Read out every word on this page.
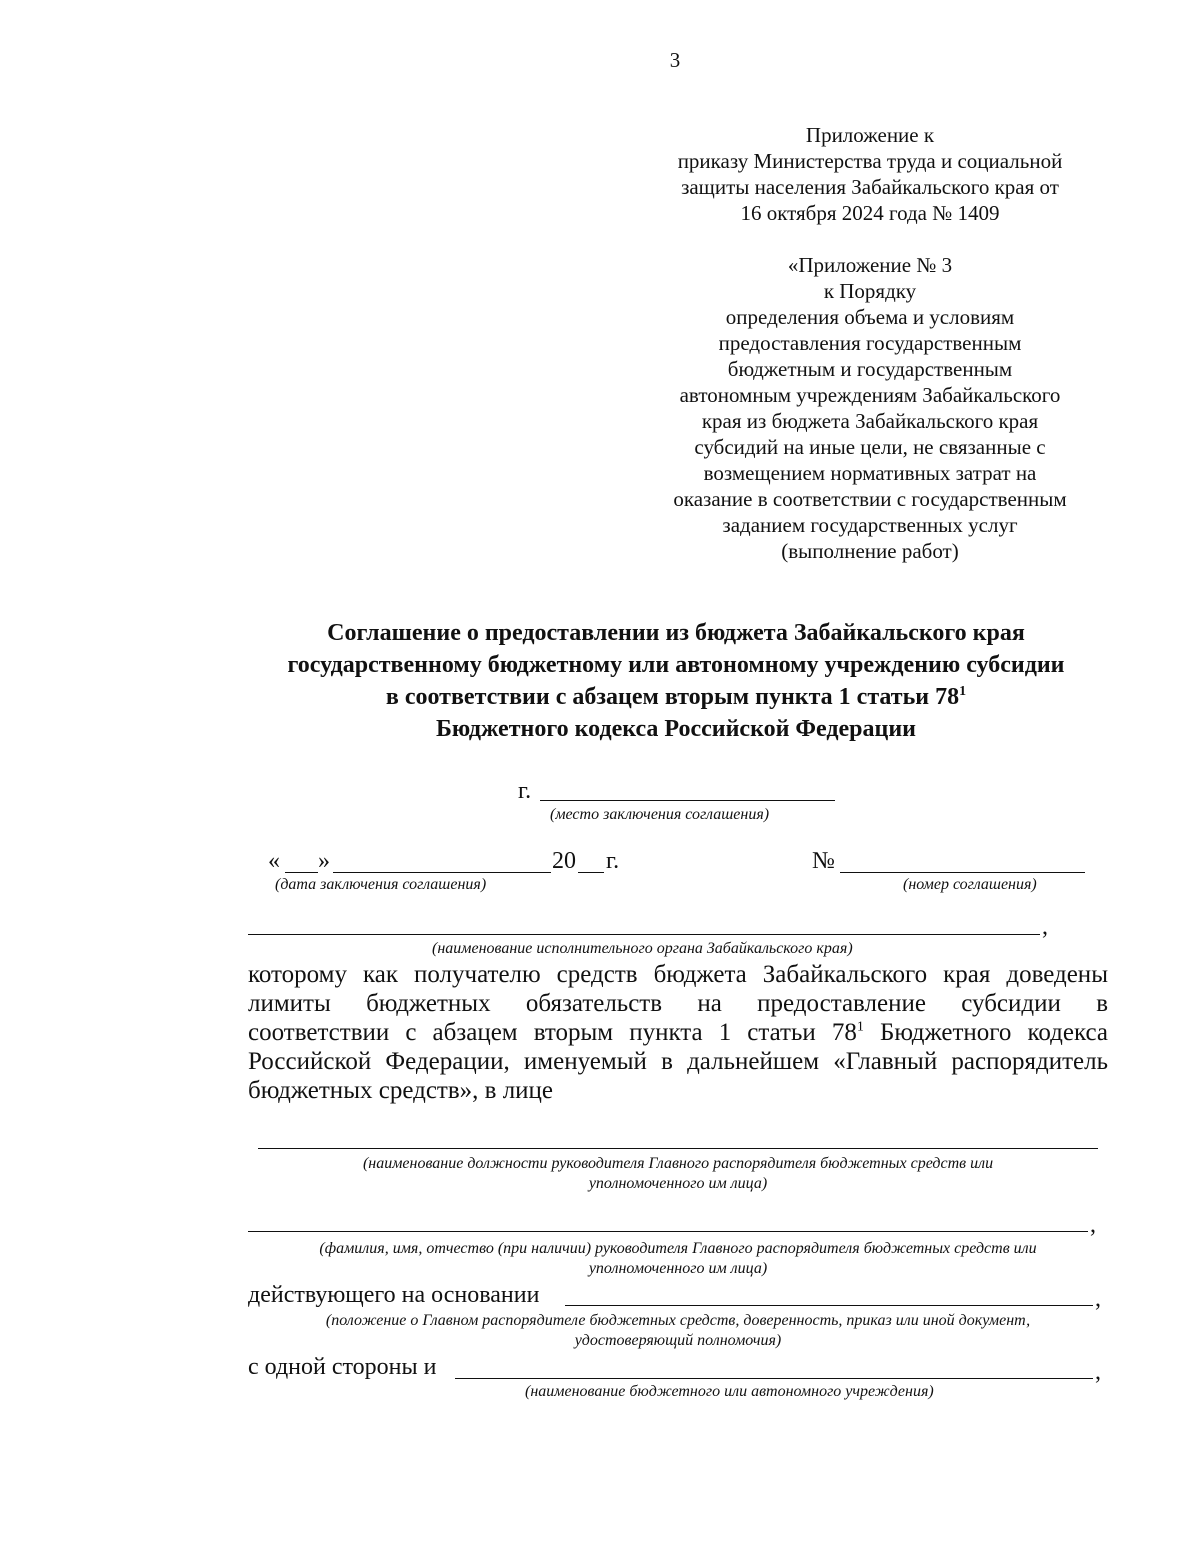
3
Приложение к
приказу Министерства труда и социальной
защиты населения Забайкальского края от
16 октября 2024 года № 1409
«Приложение № 3
к Порядку
определения объема и условиям
предоставления государственным
бюджетным и государственным
автономным учреждениям Забайкальского
края из бюджета Забайкальского края
субсидий на иные цели, не связанные с
возмещением нормативных затрат на
оказание в соответствии с государственным
заданием государственных услуг
(выполнение работ)
Соглашение о предоставлении из бюджета Забайкальского края
государственному бюджетному или автономному учреждению субсидии
в соответствии с абзацем вторым пункта 1 статьи $78^1$
Бюджетного кодекса Российской Федерации
г.
(место заключения соглашения)
« »	20 г.
(дата заключения соглашения)
№
(номер соглашения)
,
(наименование исполнительного органа Забайкальского края)
которому как получателю средств бюджета Забайкальского края доведены
лимиты бюджетных обязательств на предоставление субсидии в
соответствии с абзацем вторым пункта 1 статьи $78^1$ Бюджетного кодекса
Российской Федерации, именуемый в дальнейшем «Главный распорядитель
бюджетных средств», в лице
(наименование должности руководителя Главного распорядителя бюджетных средств или
уполномоченного им лица)
,
(фамилия, имя, отчество (при наличии) руководителя Главного распорядителя бюджетных средств или
уполномоченного им лица)
действующего на основании	,
(положение о Главном распорядителе бюджетных средств, доверенность, приказ или иной документ,
удостоверяющий полномочия)
с одной стороны и	,
(наименование бюджетного или автономного учреждения)
